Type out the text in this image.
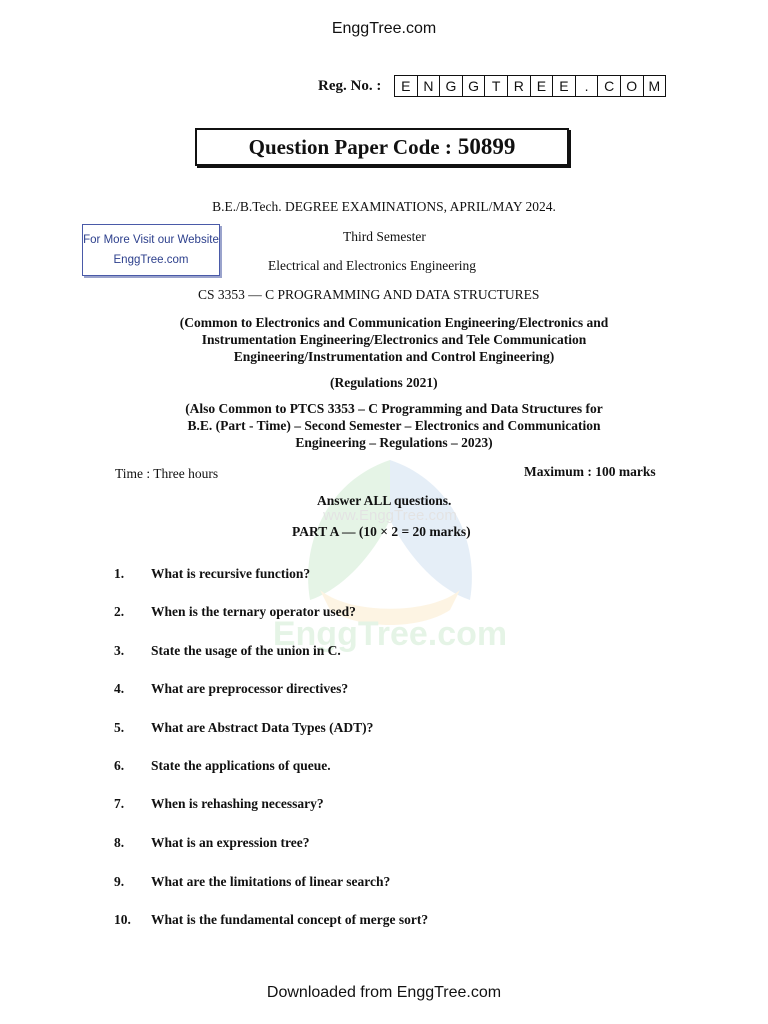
EnggTree.com
Reg. No. :	E N G G T R E E	.	C O M
Question Paper Code : 50899
For More Visit our Website
EnggTree.com
B.E./B.Tech. DEGREE EXAMINATIONS, APRIL/MAY 2024.
Third Semester
Electrical and Electronics Engineering
CS 3353 — C PROGRAMMING AND DATA STRUCTURES
(Common to Electronics and Communication Engineering/Electronics and
Instrumentation Engineering/Electronics and Tele Communication
Engineering/Instrumentation and Control Engineering)
(Regulations 2021)
(Also Common to PTCS 3353 – C Programming and Data Structures for
B.E. (Part - Time) – Second Semester – Electronics and Communication
Engineering – Regulations – 2023)
www.EnggTree.com
EnggTree.com
Time : Three hours	Maximum : 100 marks
Answer ALL questions.
PART A — (10 × 2 = 20 marks)
1. What is recursive function?
2. When is the ternary operator used?
3. State the usage of the union in C.
4. What are preprocessor directives?
5. What are Abstract Data Types (ADT)?
6. State the applications of queue.
7. When is rehashing necessary?
8. What is an expression tree?
9. What are the limitations of linear search?
10. What is the fundamental concept of merge sort?
Downloaded from EnggTree.com
